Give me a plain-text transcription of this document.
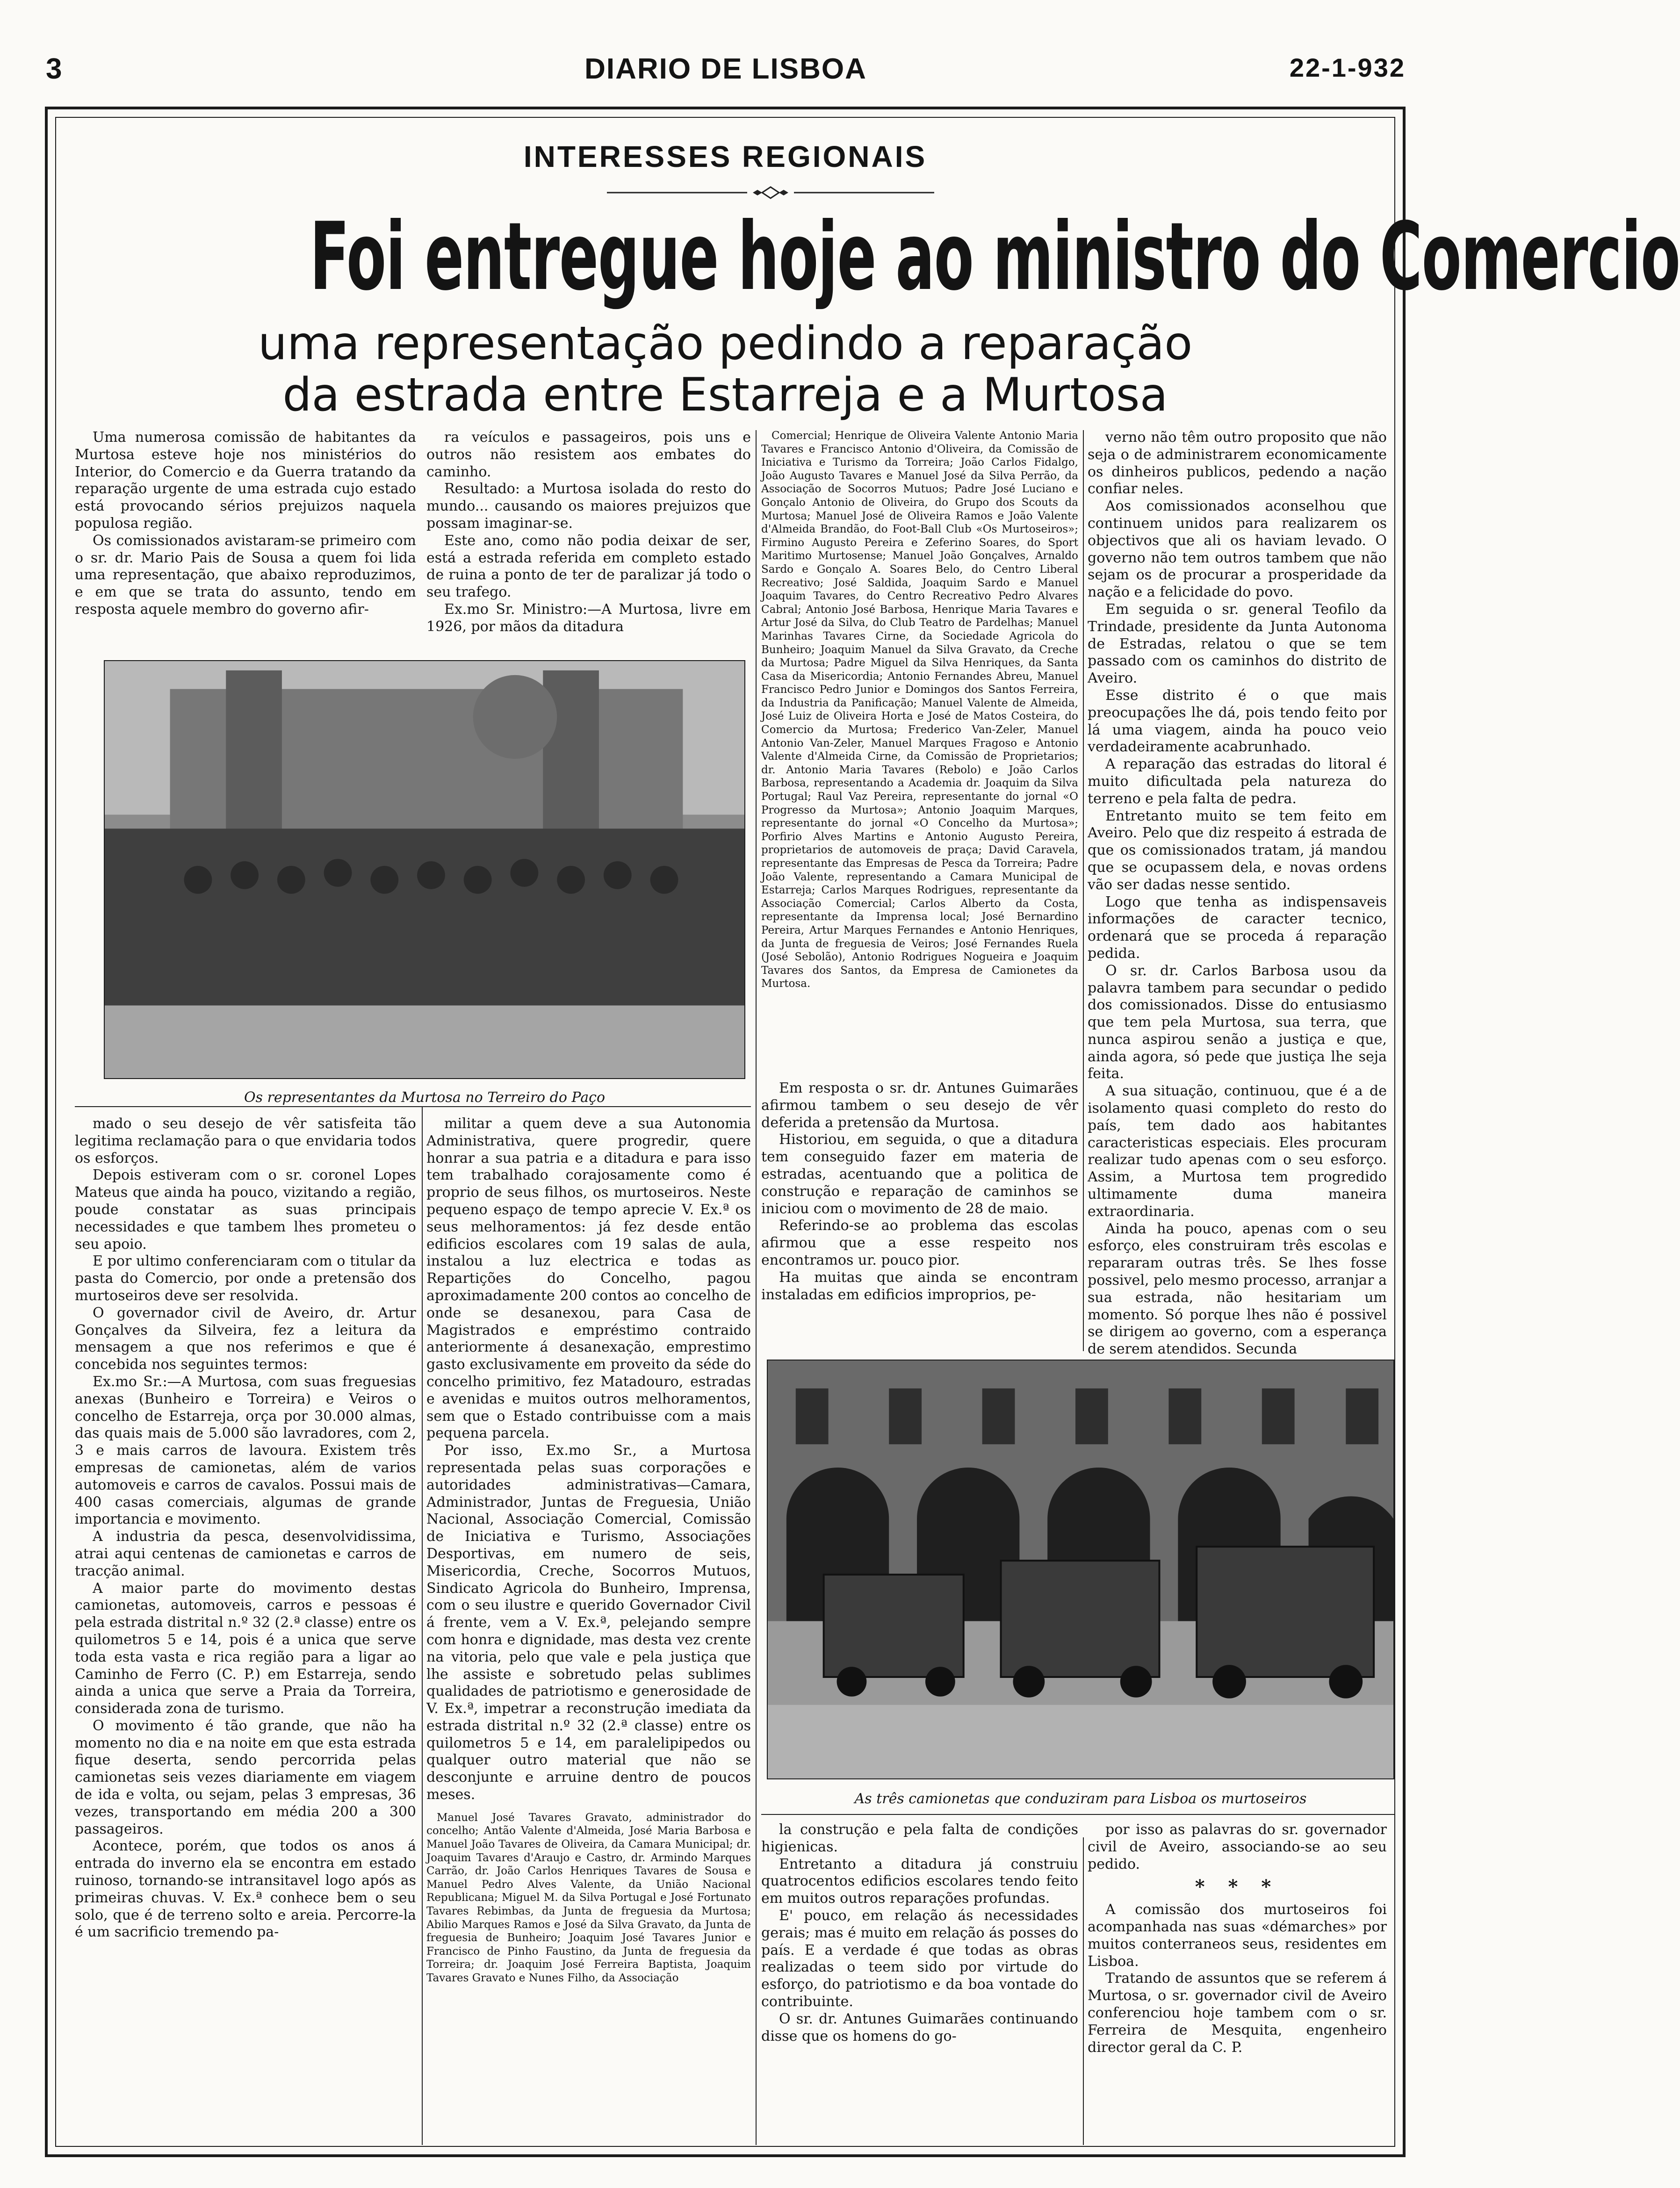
3	DIARIO DE LISBOA	22-1-932
INTERESSES REGIONAIS
Foi entregue hoje ao ministro do Comercio
uma representação pedindo a reparação
da estrada entre Estarreja e a Murtosa

Uma numerosa comissão de habitantes da Murtosa esteve hoje nos ministérios do Interior, do Comercio e da Guerra tratando da reparação urgente de uma estrada cujo estado está provocando sérios prejuizos naquela populosa região.

Os comissionados avistaram-se primeiro com o sr. dr. Mario Pais de Sousa a quem foi lida uma representação, que abaixo reproduzimos, e em que se trata do assunto, tendo em resposta aquele membro do governo afir-

ra veículos e passageiros, pois uns e outros não resistem aos embates do caminho.

Resultado: a Murtosa isolada do resto do mundo... causando os maiores prejuizos que possam imaginar-se.

Este ano, como não podia deixar de ser, está a estrada referida em completo estado de ruina a ponto de ter de paralizar já todo o seu trafego.

Ex.mo Sr. Ministro:—A Murtosa, livre em 1926, por mãos da ditadura

Os representantes da Murtosa no Terreiro do Paço

Comercial; Henrique de Oliveira Valente Antonio Maria Tavares e Francisco Antonio d'Oliveira, da Comissão de Iniciativa e Turismo da Torreira; João Carlos Fidalgo, João Augusto Tavares e Manuel José da Silva Perrão, da Associação de Socorros Mutuos; Padre José Luciano e Gonçalo Antonio de Oliveira, do Grupo dos Scouts da Murtosa; Manuel José de Oliveira Ramos e João Valente d'Almeida Brandão, do Foot-Ball Club «Os Murtoseiros»; Firmino Augusto Pereira e Zeferino Soares, do Sport Maritimo Murtosense; Manuel João Gonçalves, Arnaldo Sardo e Gonçalo A. Soares Belo, do Centro Liberal Recreativo; José Saldida, Joaquim Sardo e Manuel Joaquim Tavares, do Centro Recreativo Pedro Alvares Cabral; Antonio José Barbosa, Henrique Maria Tavares e Artur José da Silva, do Club Teatro de Pardelhas; Manuel Marinhas Tavares Cirne, da Sociedade Agricola do Bunheiro; Joaquim Manuel da Silva Gravato, da Creche da Murtosa; Padre Miguel da Silva Henriques, da Santa Casa da Misericordia; Antonio Fernandes Abreu, Manuel Francisco Pedro Junior e Domingos dos Santos Ferreira, da Industria da Panificação; Manuel Valente de Almeida, José Luiz de Oliveira Horta e José de Matos Costeira, do Comercio da Murtosa; Frederico Van-Zeler, Manuel Antonio Van-Zeler, Manuel Marques Fragoso e Antonio Valente d'Almeida Cirne, da Comissão de Proprietarios; dr. Antonio Maria Tavares (Rebolo) e João Carlos Barbosa, representando a Academia dr. Joaquim da Silva Portugal; Raul Vaz Pereira, representante do jornal «O Progresso da Murtosa»; Antonio Joaquim Marques, representante do jornal «O Concelho da Murtosa»; Porfirio Alves Martins e Antonio Augusto Pereira, proprietarios de automoveis de praça; David Caravela, representante das Empresas de Pesca da Torreira; Padre João Valente, representando a Camara Municipal de Estarreja; Carlos Marques Rodrigues, representante da Associação Comercial; Carlos Alberto da Costa, representante da Imprensa local; José Bernardino Pereira, Artur Marques Fernandes e Antonio Henriques, da Junta de freguesia de Veiros; José Fernandes Ruela (José Sebolão), Antonio Rodrigues Nogueira e Joaquim Tavares dos Santos, da Empresa de Camionetes da Murtosa.

Em resposta o sr. dr. Antunes Guimarães afirmou tambem o seu desejo de vêr deferida a pretensão da Murtosa.

Historiou, em seguida, o que a ditadura tem conseguido fazer em materia de estradas, acentuando que a politica de construção e reparação de caminhos se iniciou com o movimento de 28 de maio.

Referindo-se ao problema das escolas afirmou que a esse respeito nos encontramos ur. pouco pior.

Ha muitas que ainda se encontram instaladas em edificios improprios, pe-

verno não têm outro proposito que não seja o de administrarem economicamente os dinheiros publicos, pedendo a nação confiar neles.

Aos comissionados aconselhou que continuem unidos para realizarem os objectivos que ali os haviam levado. O governo não tem outros tambem que não sejam os de procurar a prosperidade da nação e a felicidade do povo.

Em seguida o sr. general Teofilo da Trindade, presidente da Junta Autonoma de Estradas, relatou o que se tem passado com os caminhos do distrito de Aveiro.

Esse distrito é o que mais preocupações lhe dá, pois tendo feito por lá uma viagem, ainda ha pouco veio verdadeiramente acabrunhado.

A reparação das estradas do litoral é muito dificultada pela natureza do terreno e pela falta de pedra.

Entretanto muito se tem feito em Aveiro. Pelo que diz respeito á estrada de que os comissionados tratam, já mandou que se ocupassem dela, e novas ordens vão ser dadas nesse sentido.

Logo que tenha as indispensaveis informações de caracter tecnico, ordenará que se proceda á reparação pedida.

O sr. dr. Carlos Barbosa usou da palavra tambem para secundar o pedido dos comissionados. Disse do entusiasmo que tem pela Murtosa, sua terra, que nunca aspirou senão a justiça e que, ainda agora, só pede que justiça lhe seja feita.

A sua situação, continuou, que é a de isolamento quasi completo do resto do país, tem dado aos habitantes caracteristicas especiais. Eles procuram realizar tudo apenas com o seu esforço. Assim, a Murtosa tem progredido ultimamente duma maneira extraordinaria.

Ainda ha pouco, apenas com o seu esforço, eles construiram três escolas e repararam outras três. Se lhes fosse possivel, pelo mesmo processo, arranjar a sua estrada, não hesitariam um momento. Só porque lhes não é possivel se dirigem ao governo, com a esperança de serem atendidos. Secunda

As três camionetas que conduziram para Lisboa os murtoseiros

mado o seu desejo de vêr satisfeita tão legitima reclamação para o que envidaria todos os esforços.

Depois estiveram com o sr. coronel Lopes Mateus que ainda ha pouco, vizitando a região, poude constatar as suas principais necessidades e que tambem lhes prometeu o seu apoio.

E por ultimo conferenciaram com o titular da pasta do Comercio, por onde a pretensão dos murtoseiros deve ser resolvida.

O governador civil de Aveiro, dr. Artur Gonçalves da Silveira, fez a leitura da mensagem a que nos referimos e que é concebida nos seguintes termos:

Ex.mo Sr.:—A Murtosa, com suas freguesias anexas (Bunheiro e Torreira) e Veiros o concelho de Estarreja, orça por 30.000 almas, das quais mais de 5.000 são lavradores, com 2, 3 e mais carros de lavoura. Existem três empresas de camionetas, além de varios automoveis e carros de cavalos. Possui mais de 400 casas comerciais, algumas de grande importancia e movimento.

A industria da pesca, desenvolvidissima, atrai aqui centenas de camionetas e carros de tracção animal.

A maior parte do movimento destas camionetas, automoveis, carros e pessoas é pela estrada distrital n.º 32 (2.ª classe) entre os quilometros 5 e 14, pois é a unica que serve toda esta vasta e rica região para a ligar ao Caminho de Ferro (C. P.) em Estarreja, sendo ainda a unica que serve a Praia da Torreira, considerada zona de turismo.

O movimento é tão grande, que não ha momento no dia e na noite em que esta estrada fique deserta, sendo percorrida pelas camionetas seis vezes diariamente em viagem de ida e volta, ou sejam, pelas 3 empresas, 36 vezes, transportando em média 200 a 300 passageiros.

Acontece, porém, que todos os anos á entrada do inverno ela se encontra em estado ruinoso, tornando-se intransitavel logo após as primeiras chuvas. V. Ex.ª conhece bem o seu solo, que é de terreno solto e areia. Percorre-la é um sacrificio tremendo pa-

militar a quem deve a sua Autonomia Administrativa, quere progredir, quere honrar a sua patria e a ditadura e para isso tem trabalhado corajosamente como é proprio de seus filhos, os murtoseiros. Neste pequeno espaço de tempo aprecie V. Ex.ª os seus melhoramentos: já fez desde então edificios escolares com 19 salas de aula, instalou a luz electrica e todas as Repartições do Concelho, pagou aproximadamente 200 contos ao concelho de onde se desanexou, para Casa de Magistrados e empréstimo contraido anteriormente á desanexação, emprestimo gasto exclusivamente em proveito da séde do concelho primitivo, fez Matadouro, estradas e avenidas e muitos outros melhoramentos, sem que o Estado contribuisse com a mais pequena parcela.

Por isso, Ex.mo Sr., a Murtosa representada pelas suas corporações e autoridades administrativas—Camara, Administrador, Juntas de Freguesia, União Nacional, Associação Comercial, Comissão de Iniciativa e Turismo, Associações Desportivas, em numero de seis, Misericordia, Creche, Socorros Mutuos, Sindicato Agricola do Bunheiro, Imprensa, com o seu ilustre e querido Governador Civil á frente, vem a V. Ex.ª, pelejando sempre com honra e dignidade, mas desta vez crente na vitoria, pelo que vale e pela justiça que lhe assiste e sobretudo pelas sublimes qualidades de patriotismo e generosidade de V. Ex.ª, impetrar a reconstrução imediata da estrada distrital n.º 32 (2.ª classe) entre os quilometros 5 e 14, em paralelipipedos ou qualquer outro material que não se desconjunte e arruine dentro de poucos meses.

Manuel José Tavares Gravato, administrador do concelho; Antão Valente d'Almeida, José Maria Barbosa e Manuel João Tavares de Oliveira, da Camara Municipal; dr. Joaquim Tavares d'Araujo e Castro, dr. Armindo Marques Carrão, dr. João Carlos Henriques Tavares de Sousa e Manuel Pedro Alves Valente, da União Nacional Republicana; Miguel M. da Silva Portugal e José Fortunato Tavares Rebimbas, da Junta de freguesia da Murtosa; Abilio Marques Ramos e José da Silva Gravato, da Junta de freguesia de Bunheiro; Joaquim José Tavares Junior e Francisco de Pinho Faustino, da Junta de freguesia da Torreira; dr. Joaquim José Ferreira Baptista, Joaquim Tavares Gravato e Nunes Filho, da Associação

la construção e pela falta de condições higienicas.

Entretanto a ditadura já construiu quatrocentos edificios escolares tendo feito em muitos outros reparações profundas.

E' pouco, em relação ás necessidades gerais; mas é muito em relação ás posses do país. E a verdade é que todas as obras realizadas o teem sido por virtude do esforço, do patriotismo e da boa vontade do contribuinte.

O sr. dr. Antunes Guimarães continuando disse que os homens do go-

por isso as palavras do sr. governador civil de Aveiro, associando-se ao seu pedido.

* * *

A comissão dos murtoseiros foi acompanhada nas suas «démarches» por muitos conterraneos seus, residentes em Lisboa.

Tratando de assuntos que se referem á Murtosa, o sr. governador civil de Aveiro conferenciou hoje tambem com o sr. Ferreira de Mesquita, engenheiro director geral da C. P.
